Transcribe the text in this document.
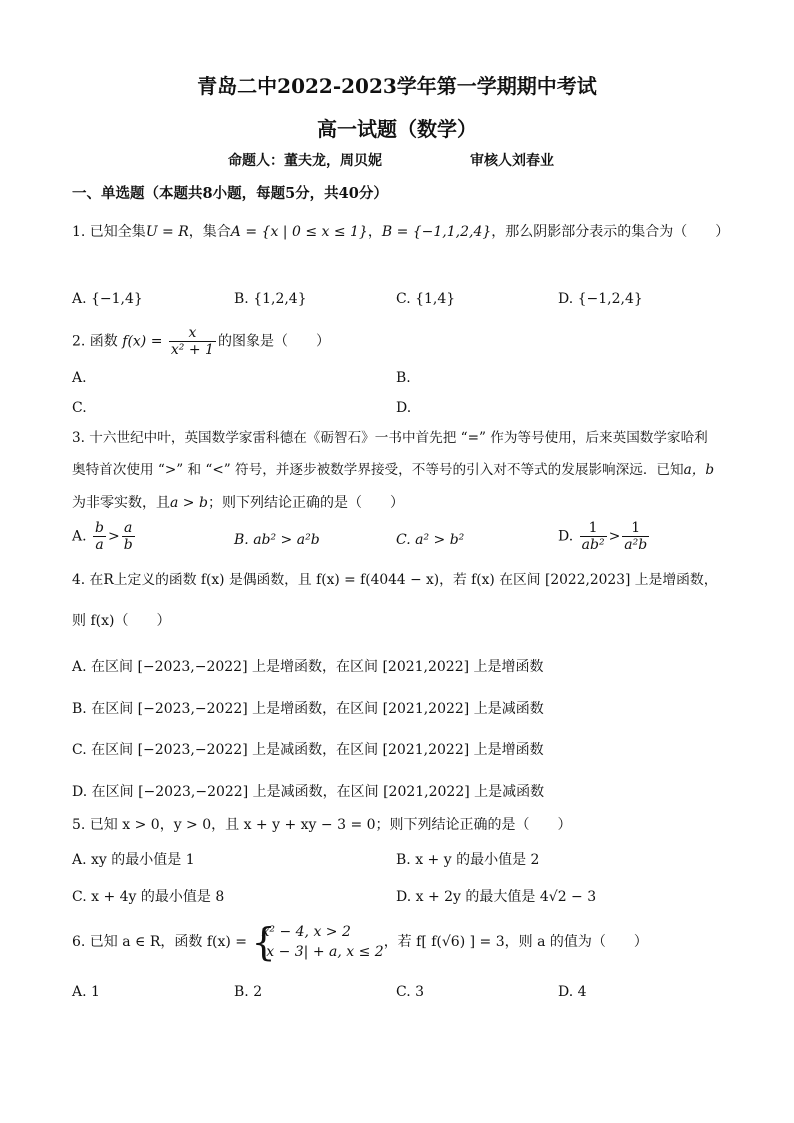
青岛二中2022-2023学年第一学期期中考试
高一试题（数学）
命题人：董夫龙，周贝妮	审核人刘春业
一、单选题（本题共8小题，每题5分，共40分）
1. 已知全集U = R，集合A = {x | 0 ≤ x ≤ 1}，B = {−1,1,2,4}，那么阴影部分表示的集合为（　　）
A. {−1,4}	B. {1,2,4}	C. {1,4}	D. {−1,2,4}
2. 函数 $f(x) = \frac{x}{\text{x² + 1}}$ 的图象是（　　）
A.	B.
C.	D.
3. 十六世纪中叶，英国数学家雷科德在《砺智石》一书中首先把 “=” 作为等号使用，后来英国数学家哈利
奥特首次使用 “>” 和 “<” 符号，并逐步被数学界接受，不等号的引入对不等式的发展影响深远．已知a，b
为非零实数，且a > b；则下列结论正确的是（　　）
A. $\frac{b}{a} > \frac{a}{b}$	B. ab² > a²b	C. a² > b²	D. $\frac{1}{\text{ab²}} > \frac{1}{\text{a²b}}$
4. 在R上定义的函数 f(x) 是偶函数，且 f(x) = f(4044 − x)，若 f(x) 在区间 [2022,2023] 上是增函数，
则 f(x)（　　）
A. 在区间 [−2023,−2022] 上是增函数，在区间 [2021,2022] 上是增函数
B. 在区间 [−2023,−2022] 上是增函数，在区间 [2021,2022] 上是减函数
C. 在区间 [−2023,−2022] 上是减函数，在区间 [2021,2022] 上是增函数
D. 在区间 [−2023,−2022] 上是减函数，在区间 [2021,2022] 上是减函数
5. 已知 x > 0，y > 0，且 x + y + xy − 3 = 0；则下列结论正确的是（　　）
A. xy 的最小值是 1	B. x + y 的最小值是 2
C. x + 4y 的最小值是 8	D. x + 2y 的最大值是 4√2 − 3
6. 已知 a ∈ R，函数 f(x) = {
x² − 4, x > 2
|x − 3| + a, x ≤ 2
，若 f[ f(√6) ] = 3，则 a 的值为（　　）
A. 1	B. 2	C. 3	D. 4
